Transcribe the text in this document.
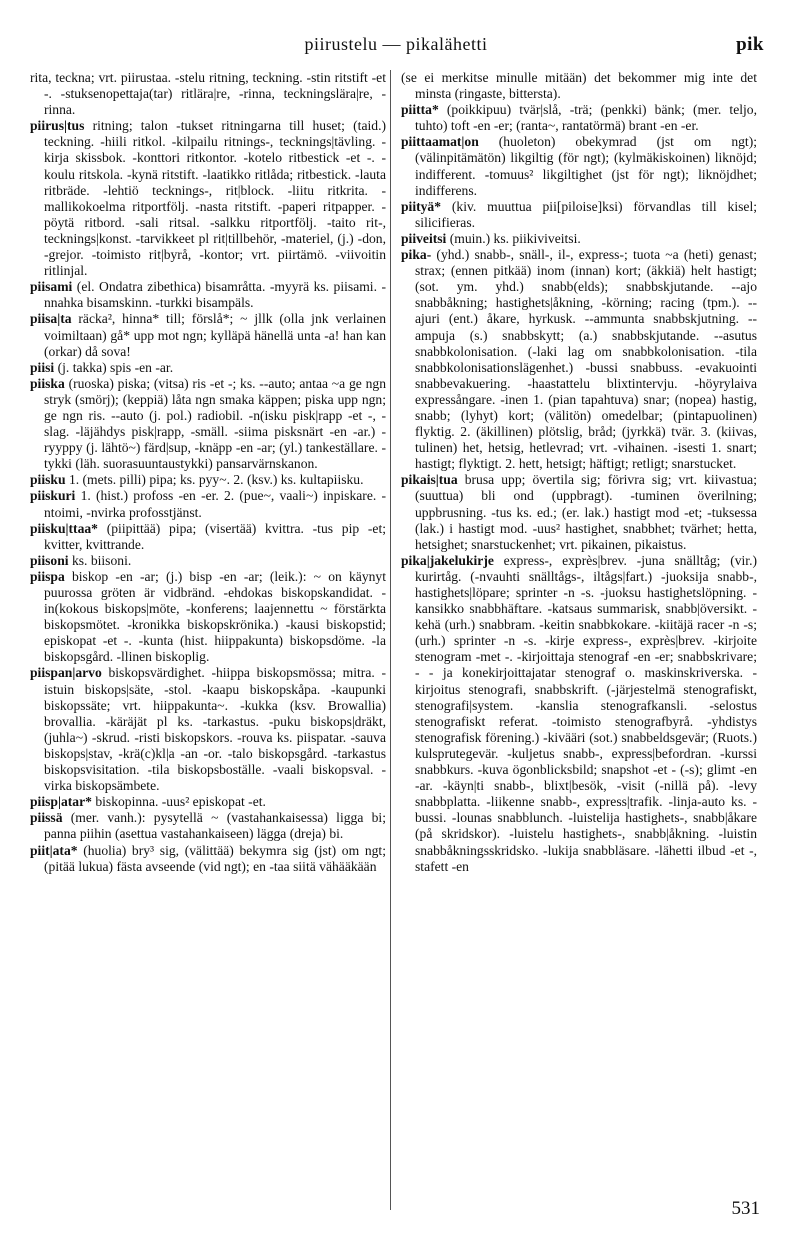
piirustelu — pikalähetti	pik

rita, teckna; vrt. piirustaa. -stelu ritning, teckning. -stin ritstift -et -. -stuksenopettaja(tar) ritlära|re, -rinna, teckningslära|re, -rinna.

piirus|tus ritning; talon -tukset ritningarna till huset; (taid.) teckning. -hiili ritkol. -kilpailu ritnings-, tecknings|tävling. -kirja skissbok. -konttori ritkontor. -kotelo ritbestick -et -. -koulu ritskola. -kynä ritstift. -laatikko ritlåda; ritbestick. -lauta ritbräde. -lehtiö tecknings-, rit|block. -liitu ritkrita. -mallikokoelma ritportfölj. -nasta ritstift. -paperi ritpapper. -pöytä ritbord. -sali ritsal. -salkku ritportfölj. -taito rit-, tecknings|konst. -tarvikkeet pl rit|tillbehör, -materiel, (j.) -don, -grejor. -toimisto rit|byrå, -kontor; vrt. piirtämö. -viivoitin ritlinjal.

piisami (el. Ondatra zibethica) bisamråtta. -myyrä ks. piisami. -nnahka bisamskinn. -turkki bisampäls.

piisa|ta räcka², hinna* till; förslå*; ~ jllk (olla jnk verlainen voimiltaan) gå* upp mot ngn; kylläpä hänellä unta -a! han kan (orkar) då sova!

piisi (j. takka) spis -en -ar.

piiska (ruoska) piska; (vitsa) ris -et -; ks. --auto; antaa ~a ge ngn stryk (smörj); (keppiä) låta ngn smaka käppen; piska upp ngn; ge ngn ris. --auto (j. pol.) radiobil. -n(isku pisk|rapp -et -, -slag. -läjähdys pisk|rapp, -smäll. -siima pisksnärt -en -ar.) -ryyppy (j. lähtö~) färd|sup, -knäpp -en -ar; (yl.) tankeställare. -tykki (läh. suorasuuntaustykki) pansarvärnskanon.

piisku 1. (mets. pilli) pipa; ks. pyy~. 2. (ksv.) ks. kultapiisku.

piiskuri 1. (hist.) profoss -en -er. 2. (pue~, vaali~) inpiskare. -ntoimi, -nvirka profosstjänst.

piisku|ttaa* (piipittää) pipa; (visertää) kvittra. -tus pip -et; kvitter, kvittrande.

piisoni ks. biisoni.

piispa biskop -en -ar; (j.) bisp -en -ar; (leik.): ~ on käynyt puurossa gröten är vidbränd. -ehdokas biskopskandidat. -in(kokous biskops|möte, -konferens; laajennettu ~ förstärkta biskopsmötet. -kronikka biskopskrönika.) -kausi biskopstid; episkopat -et -. -kunta (hist. hiippakunta) biskopsdöme. -la biskopsgård. -llinen biskoplig.

piispan|arvo biskopsvärdighet. -hiippa biskopsmössa; mitra. -istuin biskops|säte, -stol. -kaapu biskopskåpa. -kaupunki biskopssäte; vrt. hiippakunta~. -kukka (ksv. Browallia) brovallia. -käräjät pl ks. -tarkastus. -puku biskops|dräkt, (juhla~) -skrud. -risti biskopskors. -rouva ks. piispatar. -sauva biskops|stav, -krä(c)kl|a -an -or. -talo biskopsgård. -tarkastus biskopsvisitation. -tila biskopsboställe. -vaali biskopsval. -virka biskopsämbete.

piisp|atar* biskopinna. -uus² episkopat -et.

piissä (mer. vanh.): pysytellä ~ (vastahankaisessa) ligga bi; panna piihin (asettua vastahankaiseen) lägga (dreja) bi.

piit|ata* (huolia) bry³ sig, (välittää) bekymra sig (jst) om ngt; (pitää lukua) fästa avseende (vid ngt); en -taa siitä vähääkään

(se ei merkitse minulle mitään) det bekommer mig inte det minsta (ringaste, bittersta).

piitta* (poikkipuu) tvär|slå, -trä; (penkki) bänk; (mer. teljo, tuhto) toft -en -er; (ranta~, rantatörmä) brant -en -er.

piittaamat|on (huoleton) obekymrad (jst om ngt); (välinpitämätön) likgiltig (för ngt); (kylmäkiskoinen) liknöjd; indifferent. -tomuus² likgiltighet (jst för ngt); liknöjdhet; indifferens.

piityä* (kiv. muuttua pii[piloise]ksi) förvandlas till kisel; silicifieras.

piiveitsi (muin.) ks. piikiviveitsi.

pika- (yhd.) snabb-, snäll-, il-, express-; tuota ~a (heti) genast; strax; (ennen pitkää) inom (innan) kort; (äkkiä) helt hastigt; (sot. ym. yhd.) snabb(elds); snabbskjutande. --ajo snabbåkning; hastighets|åkning, -körning; racing (tpm.). --ajuri (ent.) åkare, hyrkusk. --ammunta snabbskjutning. --ampuja (s.) snabbskytt; (a.) snabbskjutande. --asutus snabbkolonisation. (-laki lag om snabbkolonisation. -tila snabbkolonisationslägenhet.) -bussi snabbuss. -evakuointi snabbevakuering. -haastattelu blixtintervju. -höyrylaiva expressångare. -inen 1. (pian tapahtuva) snar; (nopea) hastig, snabb; (lyhyt) kort; (välitön) omedelbar; (pintapuolinen) flyktig. 2. (äkillinen) plötslig, bråd; (jyrkkä) tvär. 3. (kiivas, tulinen) het, hetsig, hetlevrad; vrt. -vihainen. -isesti 1. snart; hastigt; flyktigt. 2. hett, hetsigt; häftigt; retligt; snarstucket.

pikais|tua brusa upp; övertila sig; förivra sig; vrt. kiivastua; (suuttua) bli ond (uppbragt). -tuminen överilning; uppbrusning. -tus ks. ed.; (er. lak.) hastigt mod -et; -tuksessa (lak.) i hastigt mod. -uus² hastighet, snabbhet; tvärhet; hetta, hetsighet; snarstuckenhet; vrt. pikainen, pikaistus.

pika|jakelukirje express-, exprès|brev. -juna snälltåg; (vir.) kurirtåg. (-nvauhti snälltågs-, iltågs|fart.) -juoksija snabb-, hastighets|löpare; sprinter -n -s. -juoksu hastighetslöpning. -kansikko snabbhäftare. -katsaus summarisk, snabb|översikt. -kehä (urh.) snabbram. -keitin snabbkokare. -kiitäjä racer -n -s; (urh.) sprinter -n -s. -kirje express-, exprès|brev. -kirjoite stenogram -met -. -kirjoittaja stenograf -en -er; snabbskrivare; - - ja konekirjoittajatar stenograf o. maskinskriverska. -kirjoitus stenografi, snabbskrift. (-järjestelmä stenografiskt, stenografi|system. -kanslia stenografkansli. -selostus stenografiskt referat. -toimisto stenografbyrå. -yhdistys stenografisk förening.) -kivääri (sot.) snabbeldsgevär; (Ruots.) kulsprutegevär. -kuljetus snabb-, express|befordran. -kurssi snabbkurs. -kuva ögonblicksbild; snapshot -et - (-s); glimt -en -ar. -käyn|ti snabb-, blixt|besök, -visit (-nillä på). -levy snabbplatta. -liikenne snabb-, express|trafik. -linja-auto ks. -bussi. -lounas snabblunch. -luistelija hastighets-, snabb|åkare (på skridskor). -luistelu hastighets-, snabb|åkning. -luistin snabbåkningsskridsko. -lukija snabbläsare. -lähetti ilbud -et -, stafett -en

531
